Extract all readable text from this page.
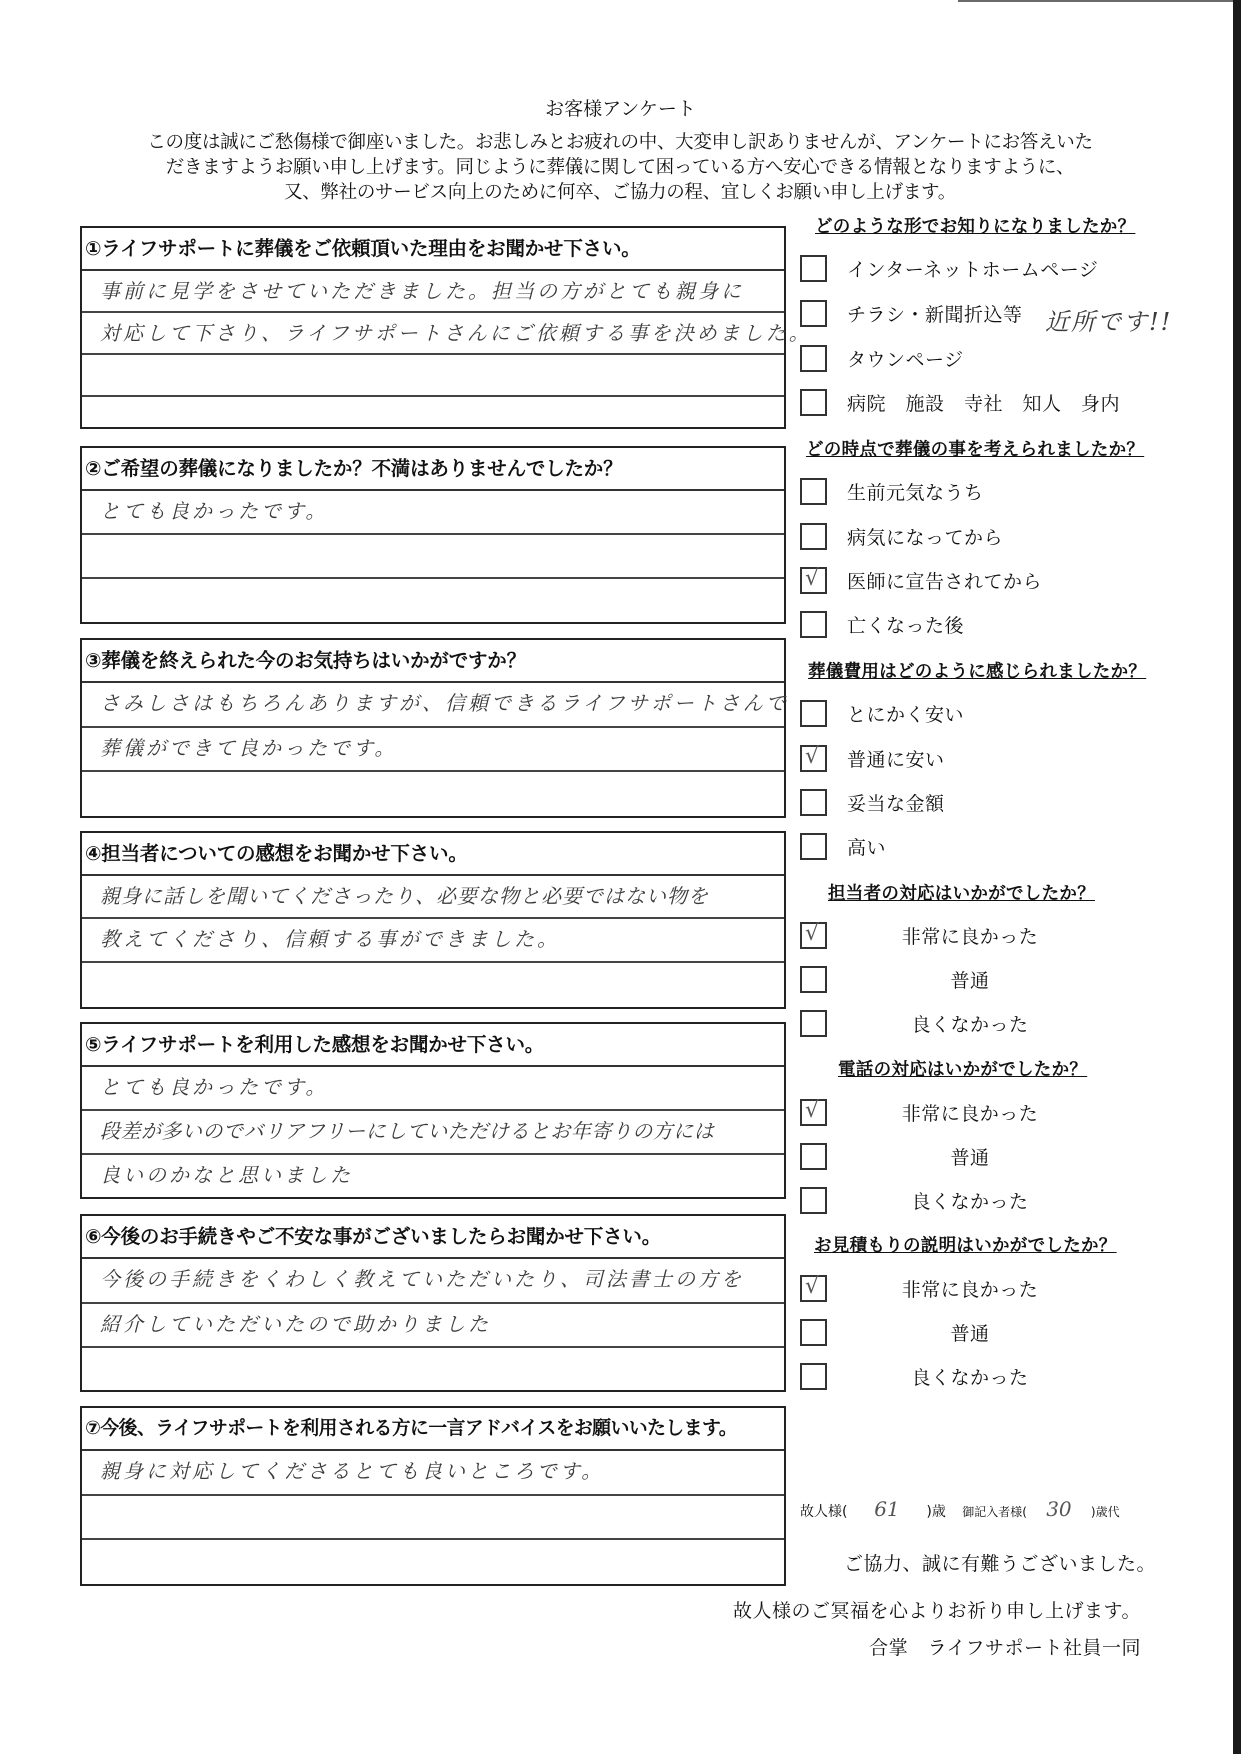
お客様アンケート
この度は誠にご愁傷様で御座いました。お悲しみとお疲れの中、大変申し訳ありませんが、アンケートにお答えいた
だきますようお願い申し上げます。同じように葬儀に関して困っている方へ安心できる情報となりますように、
又、弊社のサービス向上のために何卒、ご協力の程、宜しくお願い申し上げます。
①ライフサポートに葬儀をご依頼頂いた理由をお聞かせ下さい。
事前に見学をさせていただきました。担当の方がとても親身に
対応して下さり、ライフサポートさんにご依頼する事を決めました。
②ご希望の葬儀になりましたか？不満はありませんでしたか？
とても良かったです。
③葬儀を終えられた今のお気持ちはいかがですか？
さみしさはもちろんありますが、信頼できるライフサポートさんで
葬儀ができて良かったです。
④担当者についての感想をお聞かせ下さい。
親身に話しを聞いてくださったり、必要な物と必要ではない物を
教えてくださり、信頼する事ができました。
⑤ライフサポートを利用した感想をお聞かせ下さい。
とても良かったです。
段差が多いのでバリアフリーにしていただけるとお年寄りの方には
良いのかなと思いました
⑥今後のお手続きやご不安な事がございましたらお聞かせ下さい。
今後の手続きをくわしく教えていただいたり、司法書士の方を
紹介していただいたので助かりました
⑦今後、ライフサポートを利用される方に一言アドバイスをお願いいたします。
親身に対応してくださるとても良いところです。
どのような形でお知りになりましたか？
インターネットホームページ
チラシ・新聞折込等 近所です!!
タウンページ
病院　施設　寺社　知人　身内
どの時点で葬儀の事を考えられましたか？
生前元気なうち
病気になってから
√ 医師に宣告されてから
亡くなった後
葬儀費用はどのように感じられましたか？
とにかく安い
√ 普通に安い
妥当な金額
高い
担当者の対応はいかがでしたか？
√	非常に良かった
普通
良くなかった
電話の対応はいかがでしたか？
√	非常に良かった
普通
良くなかった
お見積もりの説明はいかがでしたか？
√	非常に良かった
普通
良くなかった
故人様( 61 )歳 御記入者様( 30 )歳代
ご協力、誠に有難うございました。
故人様のご冥福を心よりお祈り申し上げます。
合掌　ライフサポート社員一同
